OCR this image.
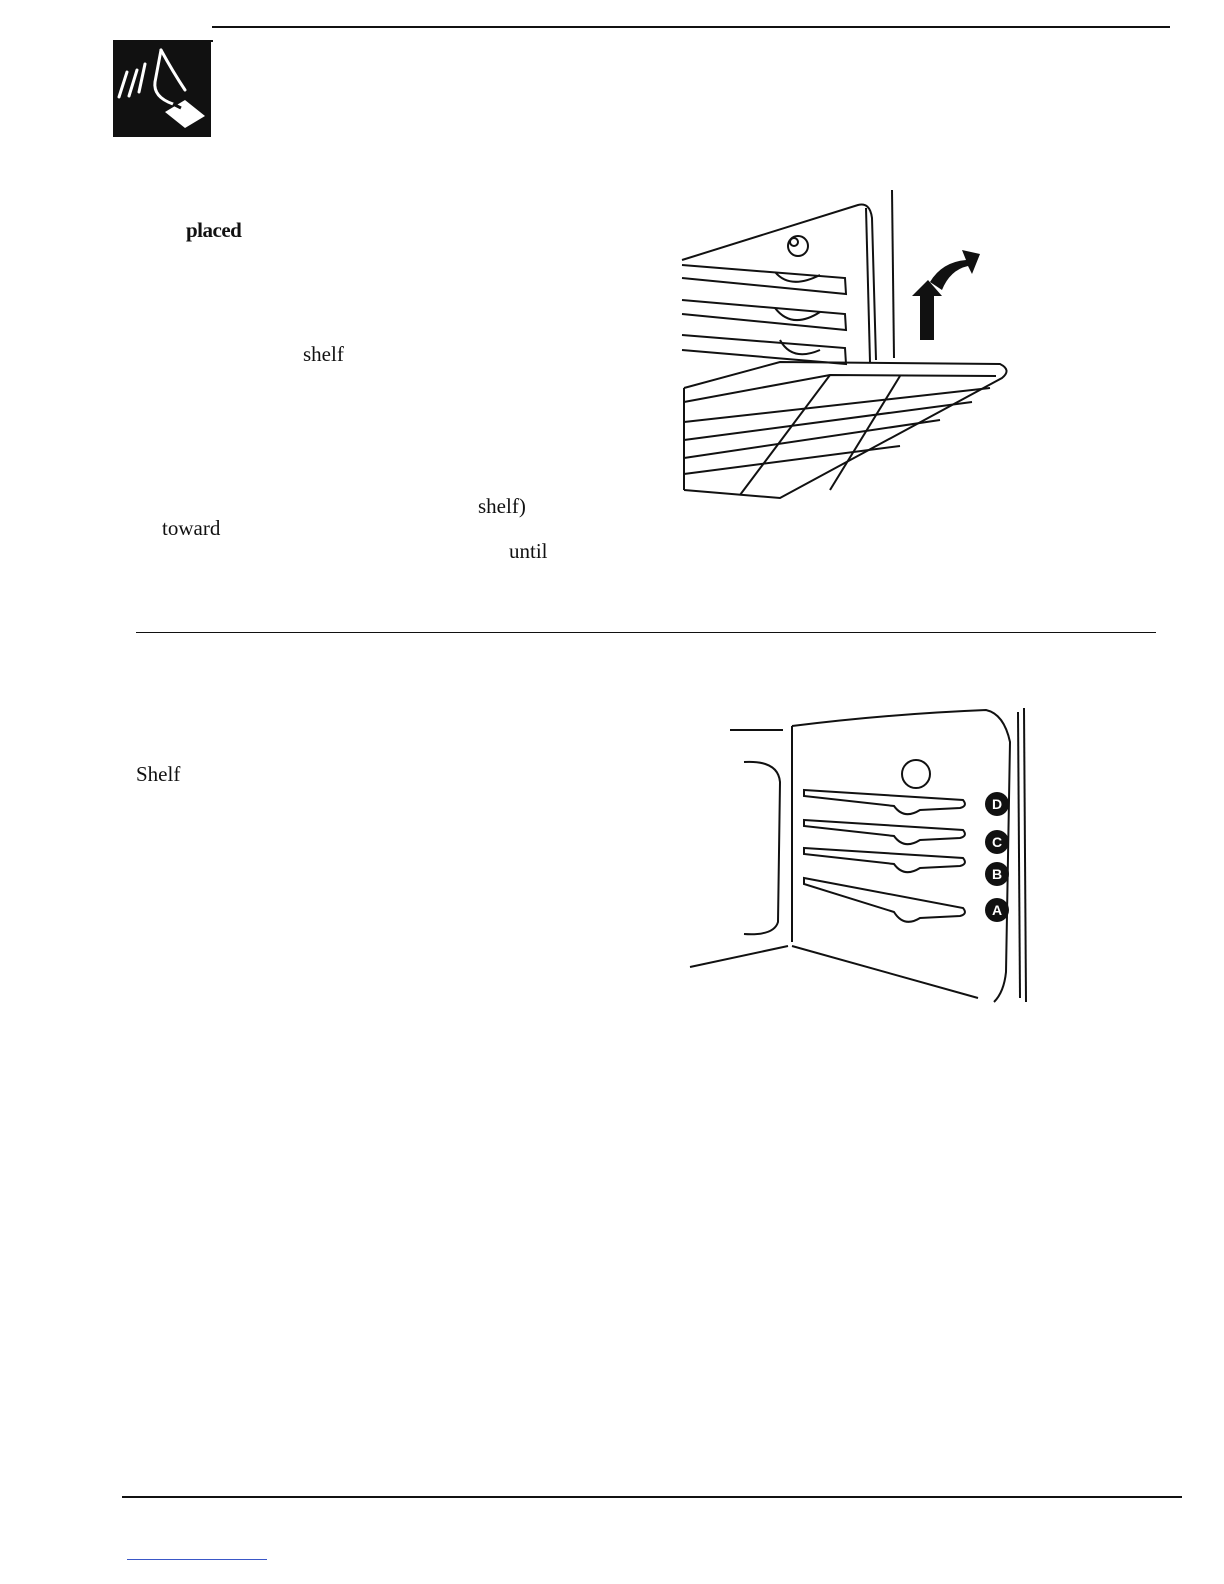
placed
shelf
shelf)
toward
until
Shelf
D
C
B
A
